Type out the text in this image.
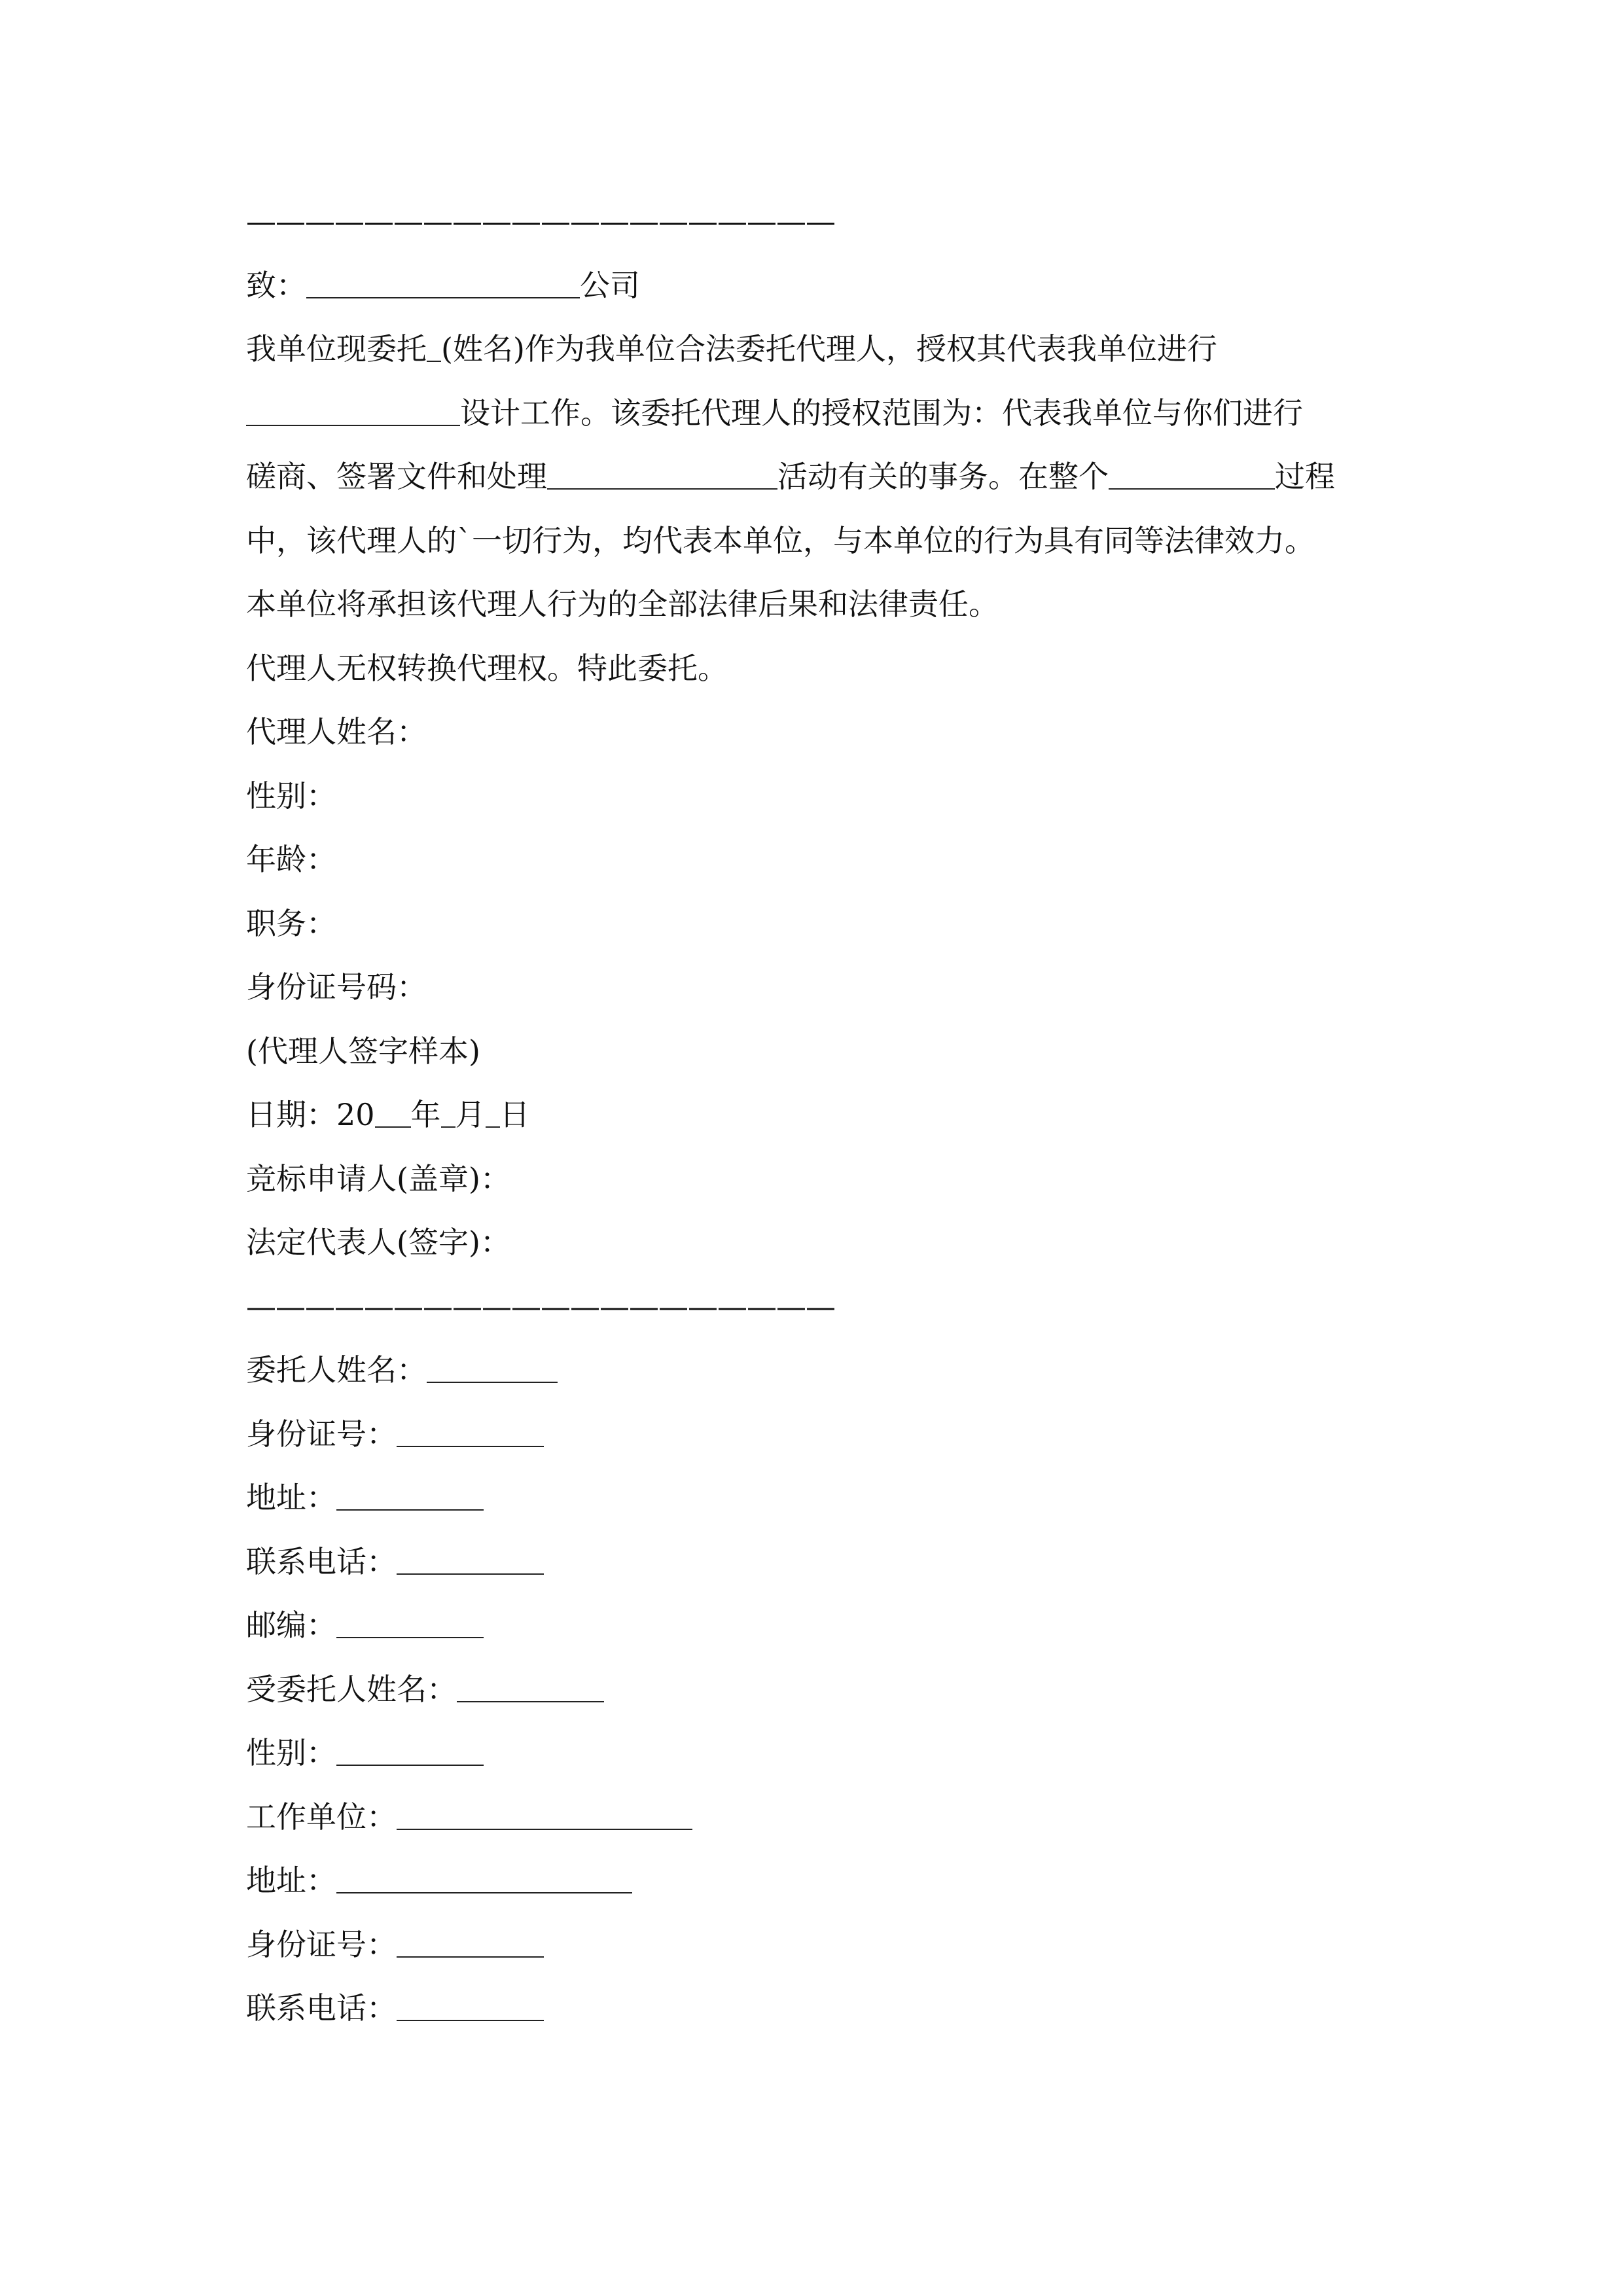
————————————————————
致：	公司
我单位现委托 (姓名)作为我单位合法委托代理人，授权其代表我单位进行
设计工作。该委托代理人的授权范围为：代表我单位与你们进行
磋商、签署文件和处理	活动有关的事务。在整个	过程
中，该代理人的`一切行为，均代表本单位，与本单位的行为具有同等法律效力。
本单位将承担该代理人行为的全部法律后果和法律责任。
代理人无权转换代理权。特此委托。
代理人姓名：
性别：
年龄：
职务：
身份证号码：
(代理人签字样本)
日期：20 年 月 日
竞标申请人(盖章)：
法定代表人(签字)：
————————————————————
委托人姓名：
身份证号：
地址：
联系电话：
邮编：
受委托人姓名：
性别：
工作单位：
地址：
身份证号：
联系电话：
